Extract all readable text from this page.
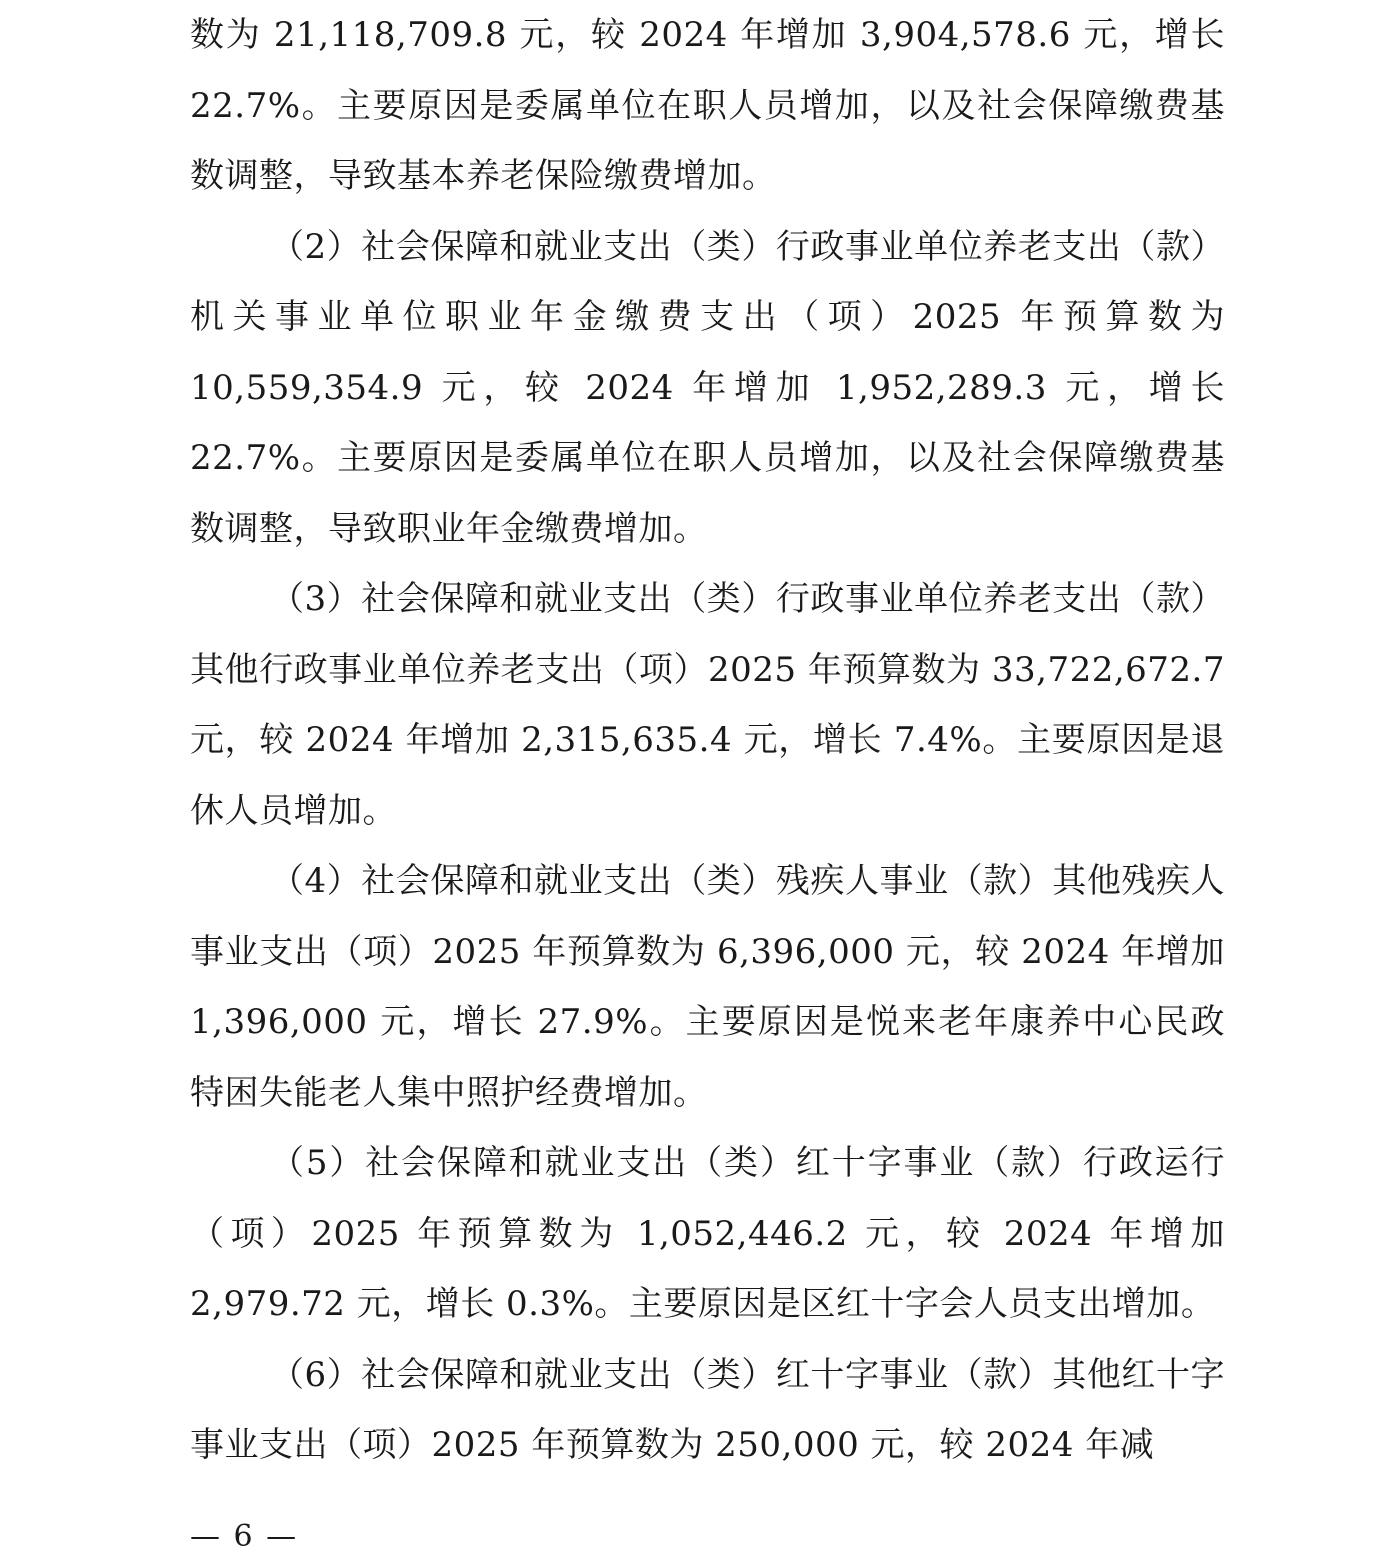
数为 21,118,709.8 元，较 2024 年增加 3,904,578.6 元，增长 22.7%。主要原因是委属单位在职人员增加，以及社会保障缴费基数调整，导致基本养老保险缴费增加。

（2）社会保障和就业支出（类）行政事业单位养老支出（款）机关事业单位职业年金缴费支出（项）2025 年预算数为 10,559,354.9 元，较 2024 年增加 1,952,289.3 元，增长 22.7%。主要原因是委属单位在职人员增加，以及社会保障缴费基数调整，导致职业年金缴费增加。

（3）社会保障和就业支出（类）行政事业单位养老支出（款）其他行政事业单位养老支出（项）2025 年预算数为 33,722,672.7 元，较 2024 年增加 2,315,635.4 元，增长 7.4%。主要原因是退休人员增加。

（4）社会保障和就业支出（类）残疾人事业（款）其他残疾人事业支出（项）2025 年预算数为 6,396,000 元，较 2024 年增加 1,396,000 元，增长 27.9%。主要原因是悦来老年康养中心民政特困失能老人集中照护经费增加。

（5）社会保障和就业支出（类）红十字事业（款）行政运行（项）2025 年预算数为 1,052,446.2 元，较 2024 年增加 2,979.72 元，增长 0.3%。主要原因是区红十字会人员支出增加。

（6）社会保障和就业支出（类）红十字事业（款）其他红十字事业支出（项）2025 年预算数为 250,000 元，较 2024 年减

— 6 —
